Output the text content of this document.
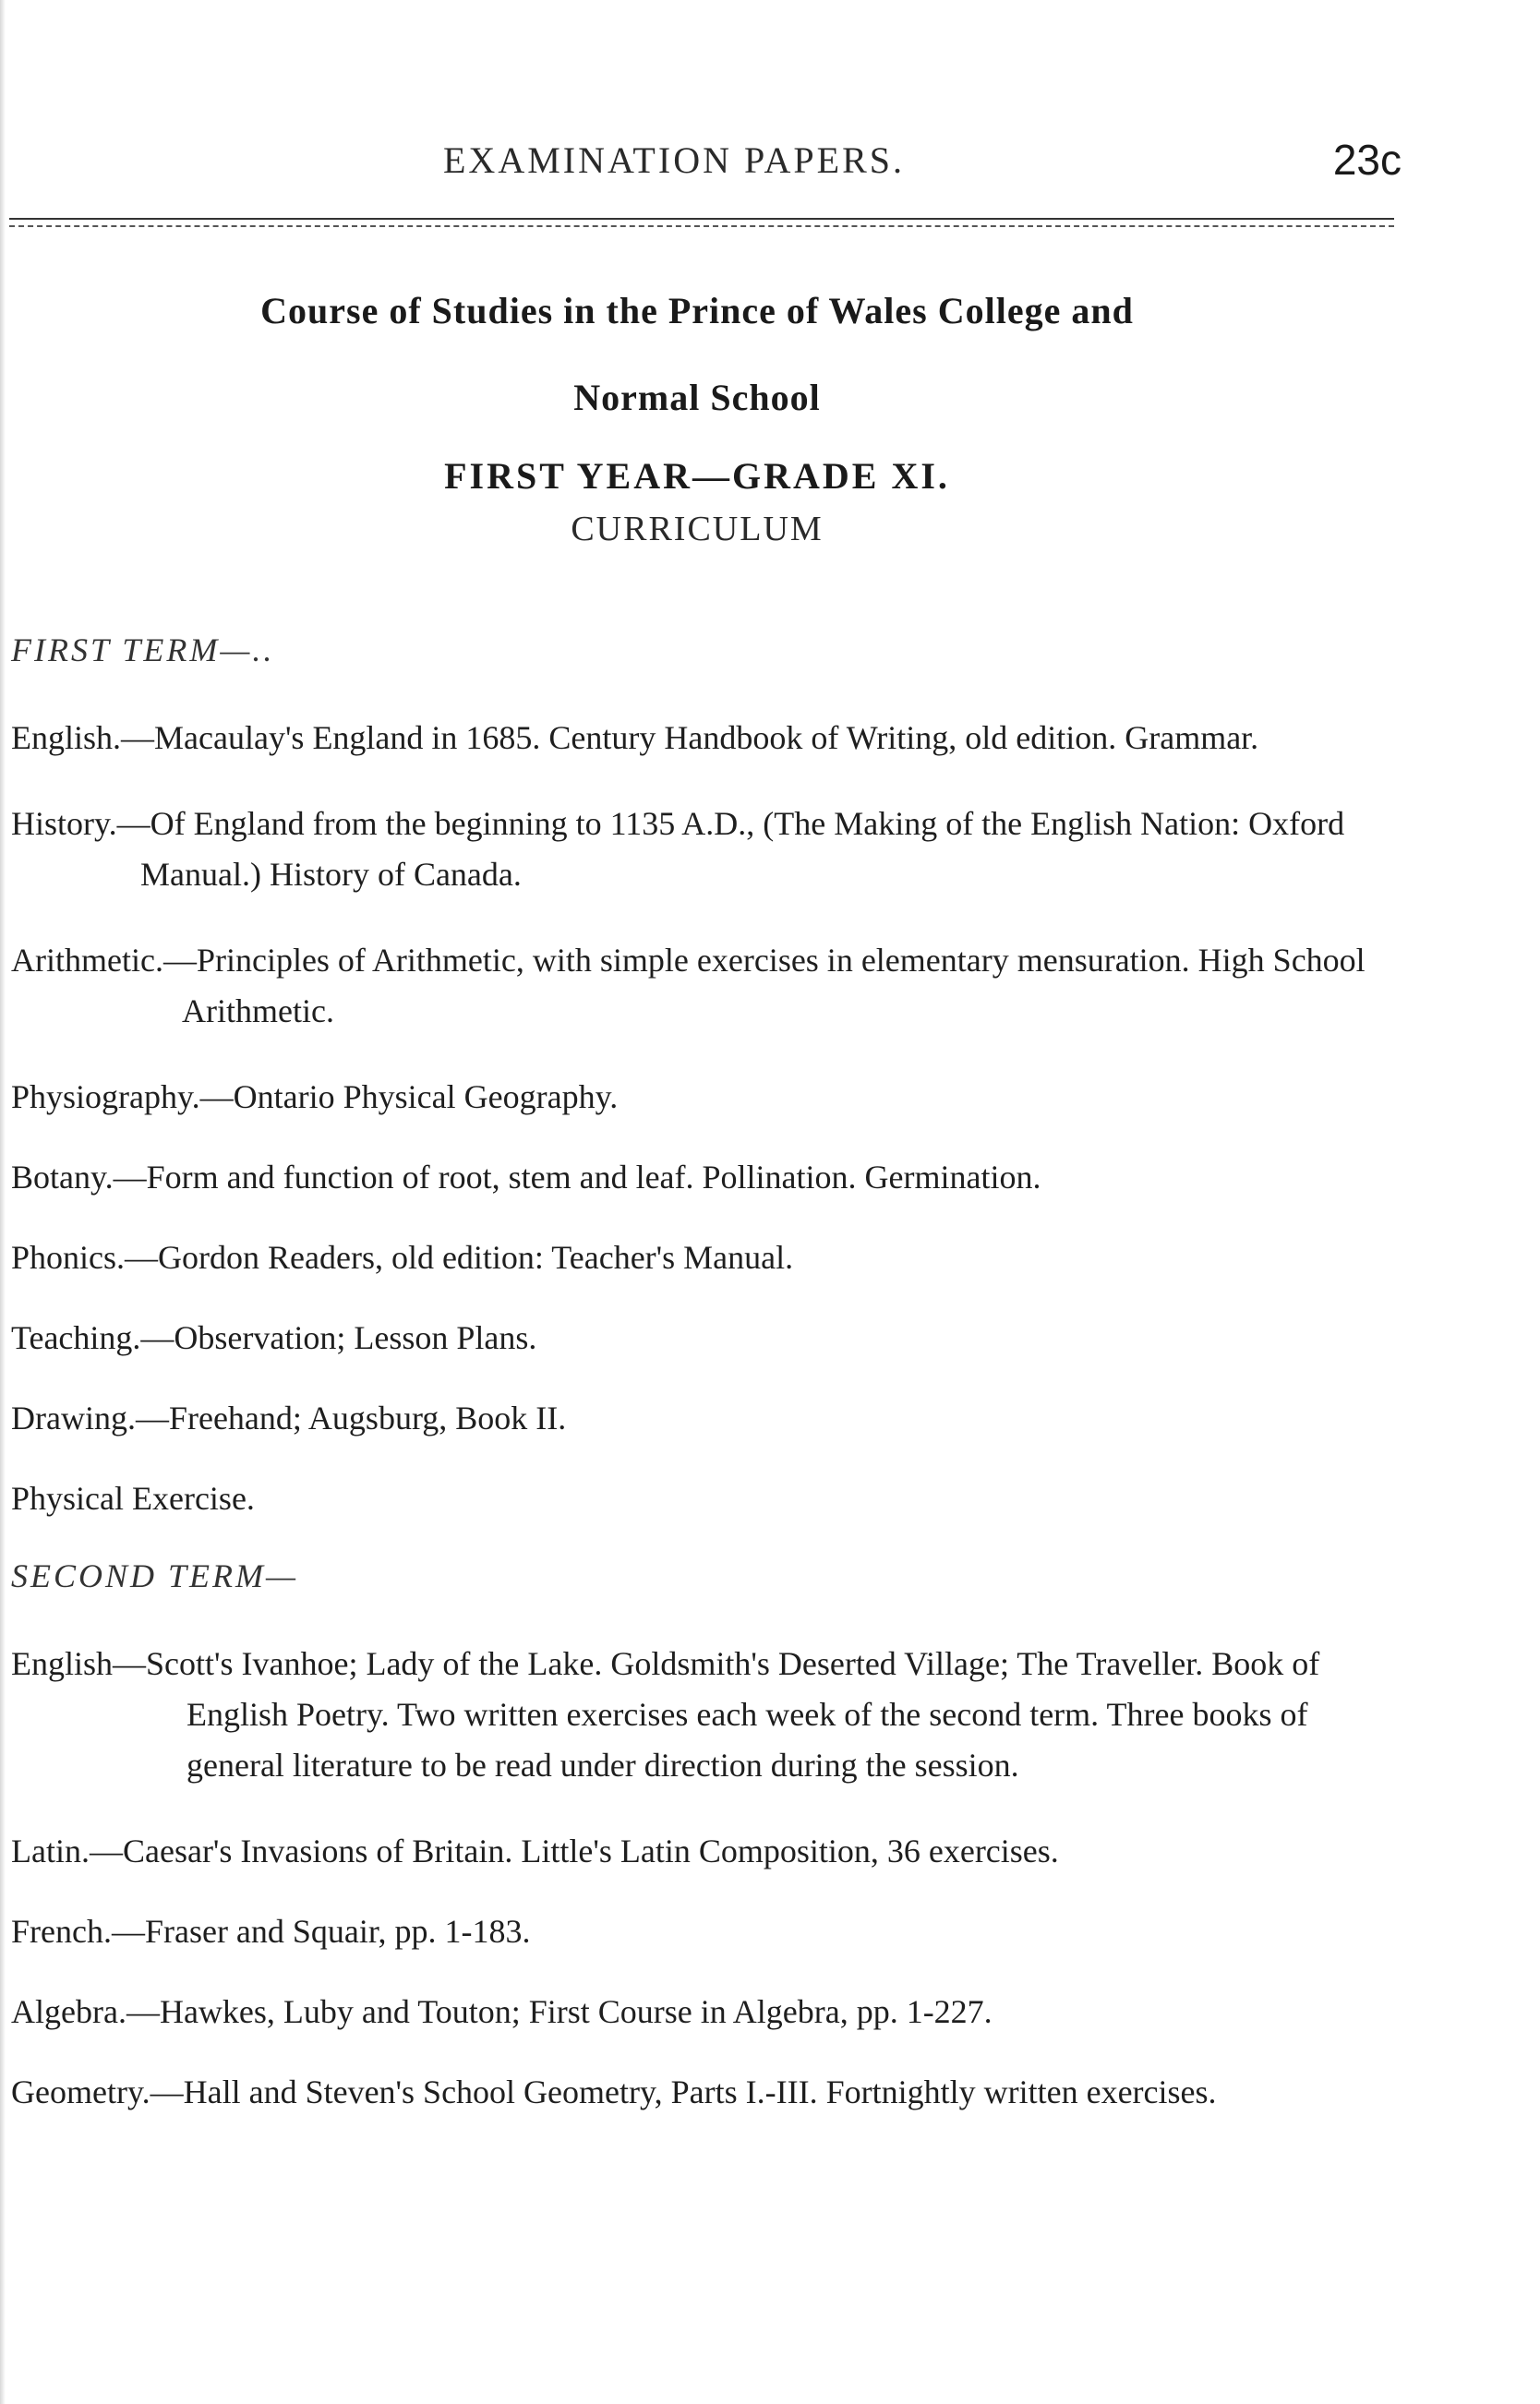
EXAMINATION PAPERS.	23c

Course of Studies in the Prince of Wales College and

Normal School

FIRST YEAR—GRADE XI.

CURRICULUM

FIRST TERM—..

English.—Macaulay's England in 1685. Century Handbook of Writing, old edition. Grammar.

History.—Of England from the beginning to 1135 A.D., (The Making of the English Nation: Oxford Manual.) History of Canada.

Arithmetic.—Principles of Arithmetic, with simple exercises in elementary mensuration. High School Arithmetic.

Physiography.—Ontario Physical Geography.

Botany.—Form and function of root, stem and leaf. Pollination. Germination.

Phonics.—Gordon Readers, old edition: Teacher's Manual.

Teaching.—Observation; Lesson Plans.

Drawing.—Freehand; Augsburg, Book II.

Physical Exercise.

SECOND TERM—

English—Scott's Ivanhoe; Lady of the Lake. Goldsmith's Deserted Village; The Traveller. Book of English Poetry. Two written exercises each week of the second term. Three books of general literature to be read under direction during the session.

Latin.—Caesar's Invasions of Britain. Little's Latin Composition, 36 exercises.

French.—Fraser and Squair, pp. 1-183.

Algebra.—Hawkes, Luby and Touton; First Course in Algebra, pp. 1-227.

Geometry.—Hall and Steven's School Geometry, Parts I.-III. Fortnightly written exercises.
